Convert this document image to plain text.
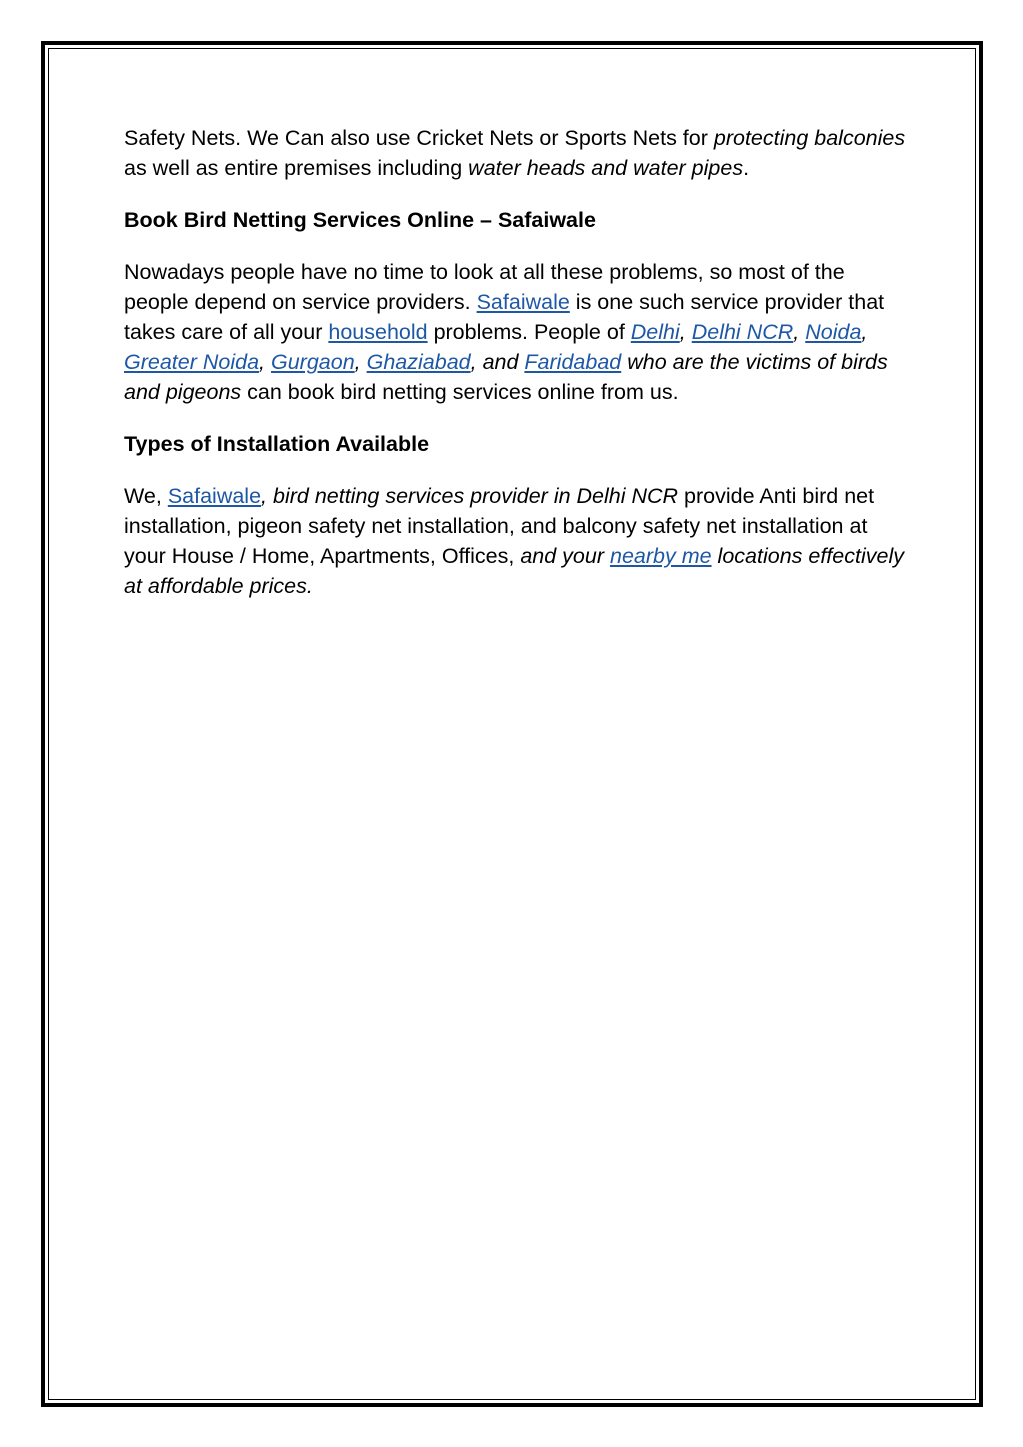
Safety Nets. We Can also use Cricket Nets or Sports Nets for protecting balconies as well as entire premises including water heads and water pipes.

Book Bird Netting Services Online – Safaiwale

Nowadays people have no time to look at all these problems, so most of the people depend on service providers. Safaiwale is one such service provider that takes care of all your household problems. People of Delhi, Delhi NCR, Noida, Greater Noida, Gurgaon, Ghaziabad, and Faridabad who are the victims of birds and pigeons can book bird netting services online from us.

Types of Installation Available

We, Safaiwale, bird netting services provider in Delhi NCR provide Anti bird net installation, pigeon safety net installation, and balcony safety net installation at your House / Home, Apartments, Offices, and your nearby me locations effectively at affordable prices.
